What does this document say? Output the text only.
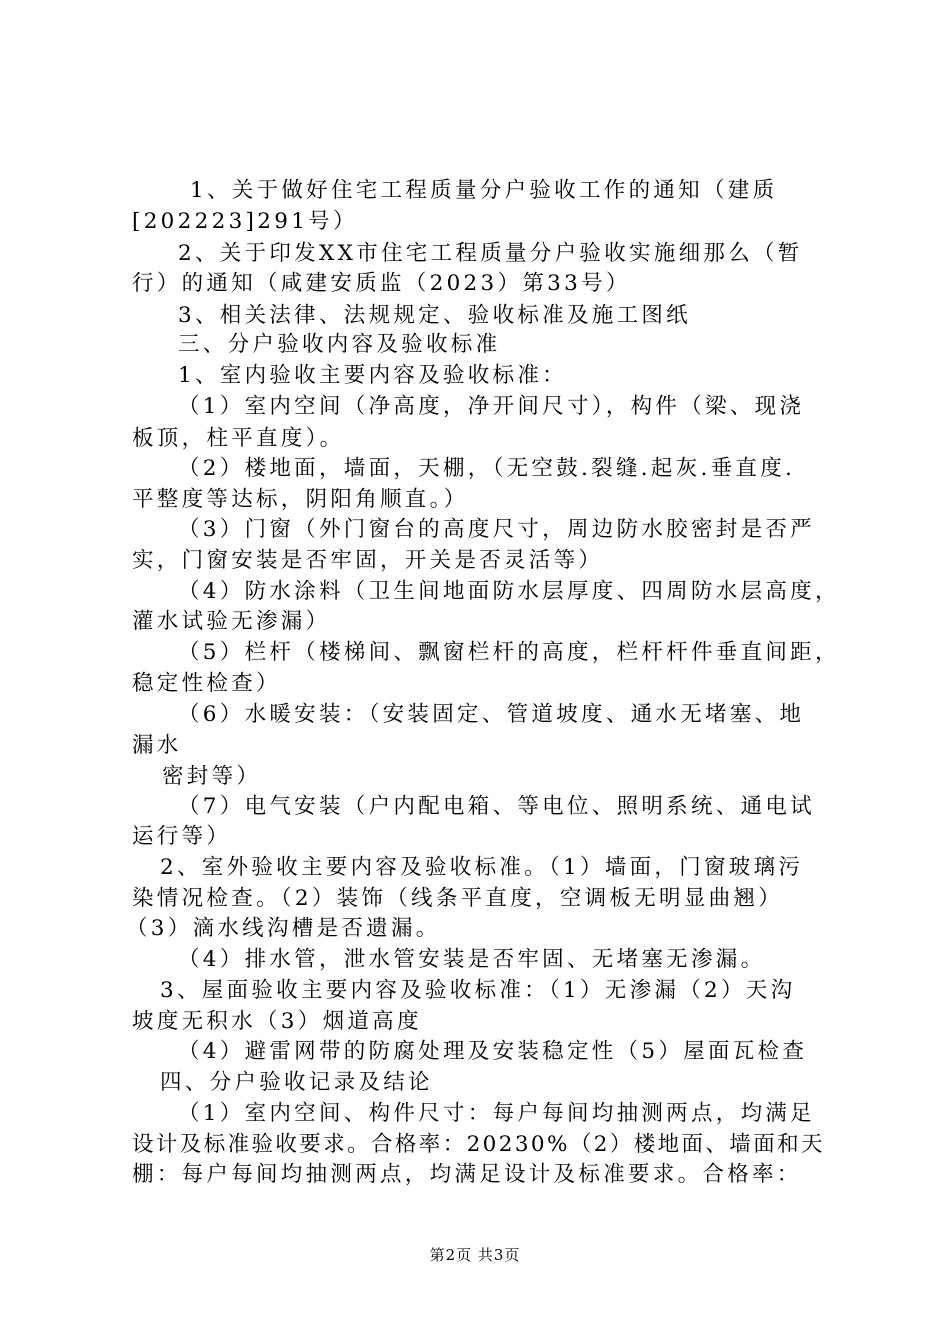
1、关于做好住宅工程质量分户验收工作的通知（建质
[202223]291号）
2、关于印发XX市住宅工程质量分户验收实施细那么（暂
行）的通知（咸建安质监（2023）第33号）
3、相关法律、法规规定、验收标准及施工图纸
三、分户验收内容及验收标准
1、室内验收主要内容及验收标准：
（1）室内空间（净高度，净开间尺寸），构件（梁、现浇
板顶，柱平直度）。
（2）楼地面，墙面，天棚，（无空鼓.裂缝.起灰.垂直度.
平整度等达标，阴阳角顺直。）
（3）门窗（外门窗台的高度尺寸，周边防水胶密封是否严
实，门窗安装是否牢固，开关是否灵活等）
（4）防水涂料（卫生间地面防水层厚度、四周防水层高度，
灌水试验无渗漏）
（5）栏杆（楼梯间、飘窗栏杆的高度，栏杆杆件垂直间距，
稳定性检查）
（6）水暖安装：（安装固定、管道坡度、通水无堵塞、地
漏水
密封等）
（7）电气安装（户内配电箱、等电位、照明系统、通电试
运行等）
2、室外验收主要内容及验收标准。（1）墙面，门窗玻璃污
染情况检查。（2）装饰（线条平直度，空调板无明显曲翘）
（3）滴水线沟槽是否遗漏。
（4）排水管，泄水管安装是否牢固、无堵塞无渗漏。
3、屋面验收主要内容及验收标准：（1）无渗漏（2）天沟
坡度无积水（3）烟道高度
（4）避雷网带的防腐处理及安装稳定性（5）屋面瓦检查
四、分户验收记录及结论
（1）室内空间、构件尺寸：每户每间均抽测两点，均满足
设计及标准验收要求。合格率：20230%（2）楼地面、墙面和天
棚：每户每间均抽测两点，均满足设计及标准要求。合格率：
第2页 共3页
